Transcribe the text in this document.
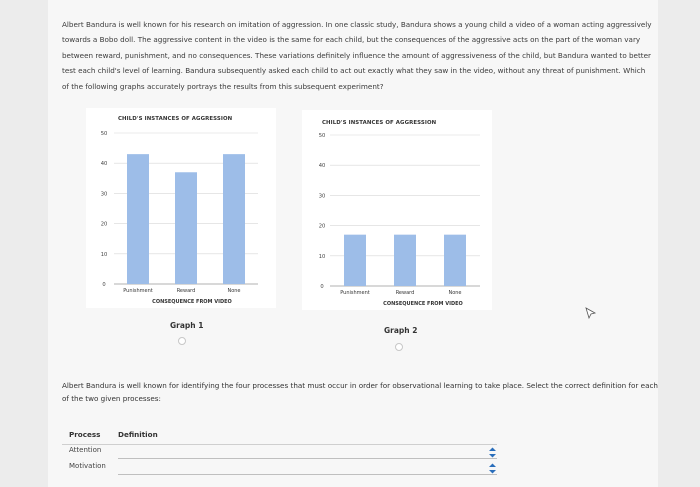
Albert Bandura is well known for his research on imitation of aggression. In one classic study, Bandura shows a young child a video of a woman acting aggressively towards a Bobo doll. The aggressive content in the video is the same for each child, but the consequences of the aggressive acts on the part of the woman vary between reward, punishment, and no consequences. These variations definitely influence the amount of aggressiveness of the child, but Bandura wanted to better test each child's level of learning. Bandura subsequently asked each child to act out exactly what they saw in the video, without any threat of punishment. Which of the following graphs accurately portrays the results from this subsequent experiment?
CHILD'S INSTANCES OF AGGRESSION
0
10
20
30
40
50
Punishment	Reward	None
CONSEQUENCE FROM VIDEO
CHILD'S INSTANCES OF AGGRESSION
0
10
20
30
40
50
Punishment	Reward	None
CONSEQUENCE FROM VIDEO
Graph 1
Graph 2
Albert Bandura is well known for identifying the four processes that must occur in order for observational learning to take place. Select the correct definition for each of the two given processes:
Process Definition
Attention
Motivation
